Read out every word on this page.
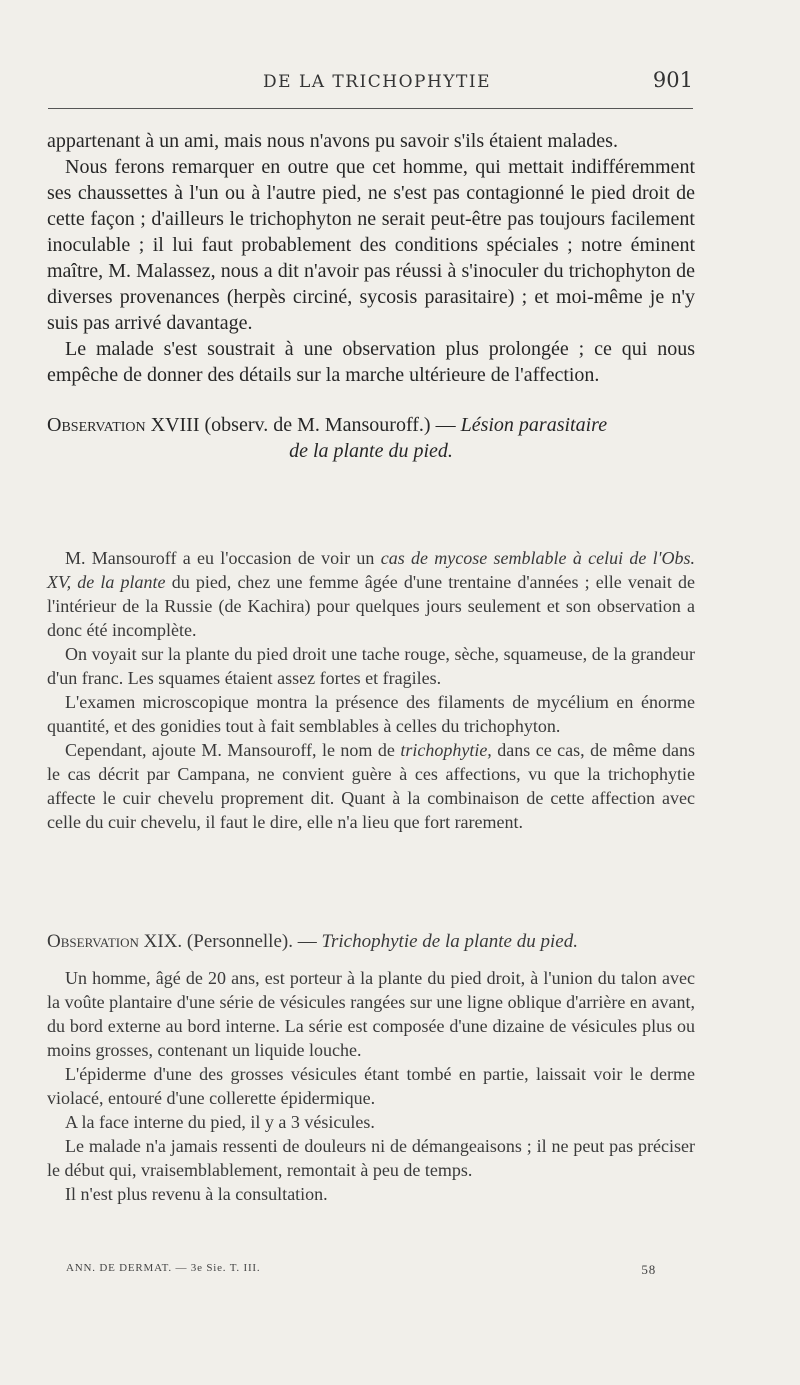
DE LA TRICHOPHYTIE	901

appartenant à un ami, mais nous n'avons pu savoir s'ils étaient malades.

Nous ferons remarquer en outre que cet homme, qui mettait indifféremment ses chaussettes à l'un ou à l'autre pied, ne s'est pas contagionné le pied droit de cette façon ; d'ailleurs le trichophyton ne serait peut-être pas toujours facilement inoculable ; il lui faut probablement des conditions spéciales ; notre éminent maître, M. Malassez, nous a dit n'avoir pas réussi à s'inoculer du trichophyton de diverses provenances (herpès circiné, sycosis parasitaire) ; et moi-même je n'y suis pas arrivé davantage.

Le malade s'est soustrait à une observation plus prolongée ; ce qui nous empêche de donner des détails sur la marche ultérieure de l'affection.

Observation XVIII (observ. de M. Mansouroff.) — Lésion parasitaire

de la plante du pied.

M. Mansouroff a eu l'occasion de voir un cas de mycose semblable à celui de l'Obs. XV, de la plante du pied, chez une femme âgée d'une trentaine d'années ; elle venait de l'intérieur de la Russie (de Kachira) pour quelques jours seulement et son observation a donc été incomplète.

On voyait sur la plante du pied droit une tache rouge, sèche, squameuse, de la grandeur d'un franc. Les squames étaient assez fortes et fragiles.

L'examen microscopique montra la présence des filaments de mycélium en énorme quantité, et des gonidies tout à fait semblables à celles du trichophyton.

Cependant, ajoute M. Mansouroff, le nom de trichophytie, dans ce cas, de même dans le cas décrit par Campana, ne convient guère à ces affections, vu que la trichophytie affecte le cuir chevelu proprement dit. Quant à la combinaison de cette affection avec celle du cuir chevelu, il faut le dire, elle n'a lieu que fort rarement.

Observation XIX. (Personnelle). — Trichophytie de la plante du pied.

Un homme, âgé de 20 ans, est porteur à la plante du pied droit, à l'union du talon avec la voûte plantaire d'une série de vésicules rangées sur une ligne oblique d'arrière en avant, du bord externe au bord interne. La série est composée d'une dizaine de vésicules plus ou moins grosses, contenant un liquide louche.

L'épiderme d'une des grosses vésicules étant tombé en partie, laissait voir le derme violacé, entouré d'une collerette épidermique.

A la face interne du pied, il y a 3 vésicules.

Le malade n'a jamais ressenti de douleurs ni de démangeaisons ; il ne peut pas préciser le début qui, vraisemblablement, remontait à peu de temps.

Il n'est plus revenu à la consultation.

ANN. DE DERMAT. — 3e Sie. T. III.	58
